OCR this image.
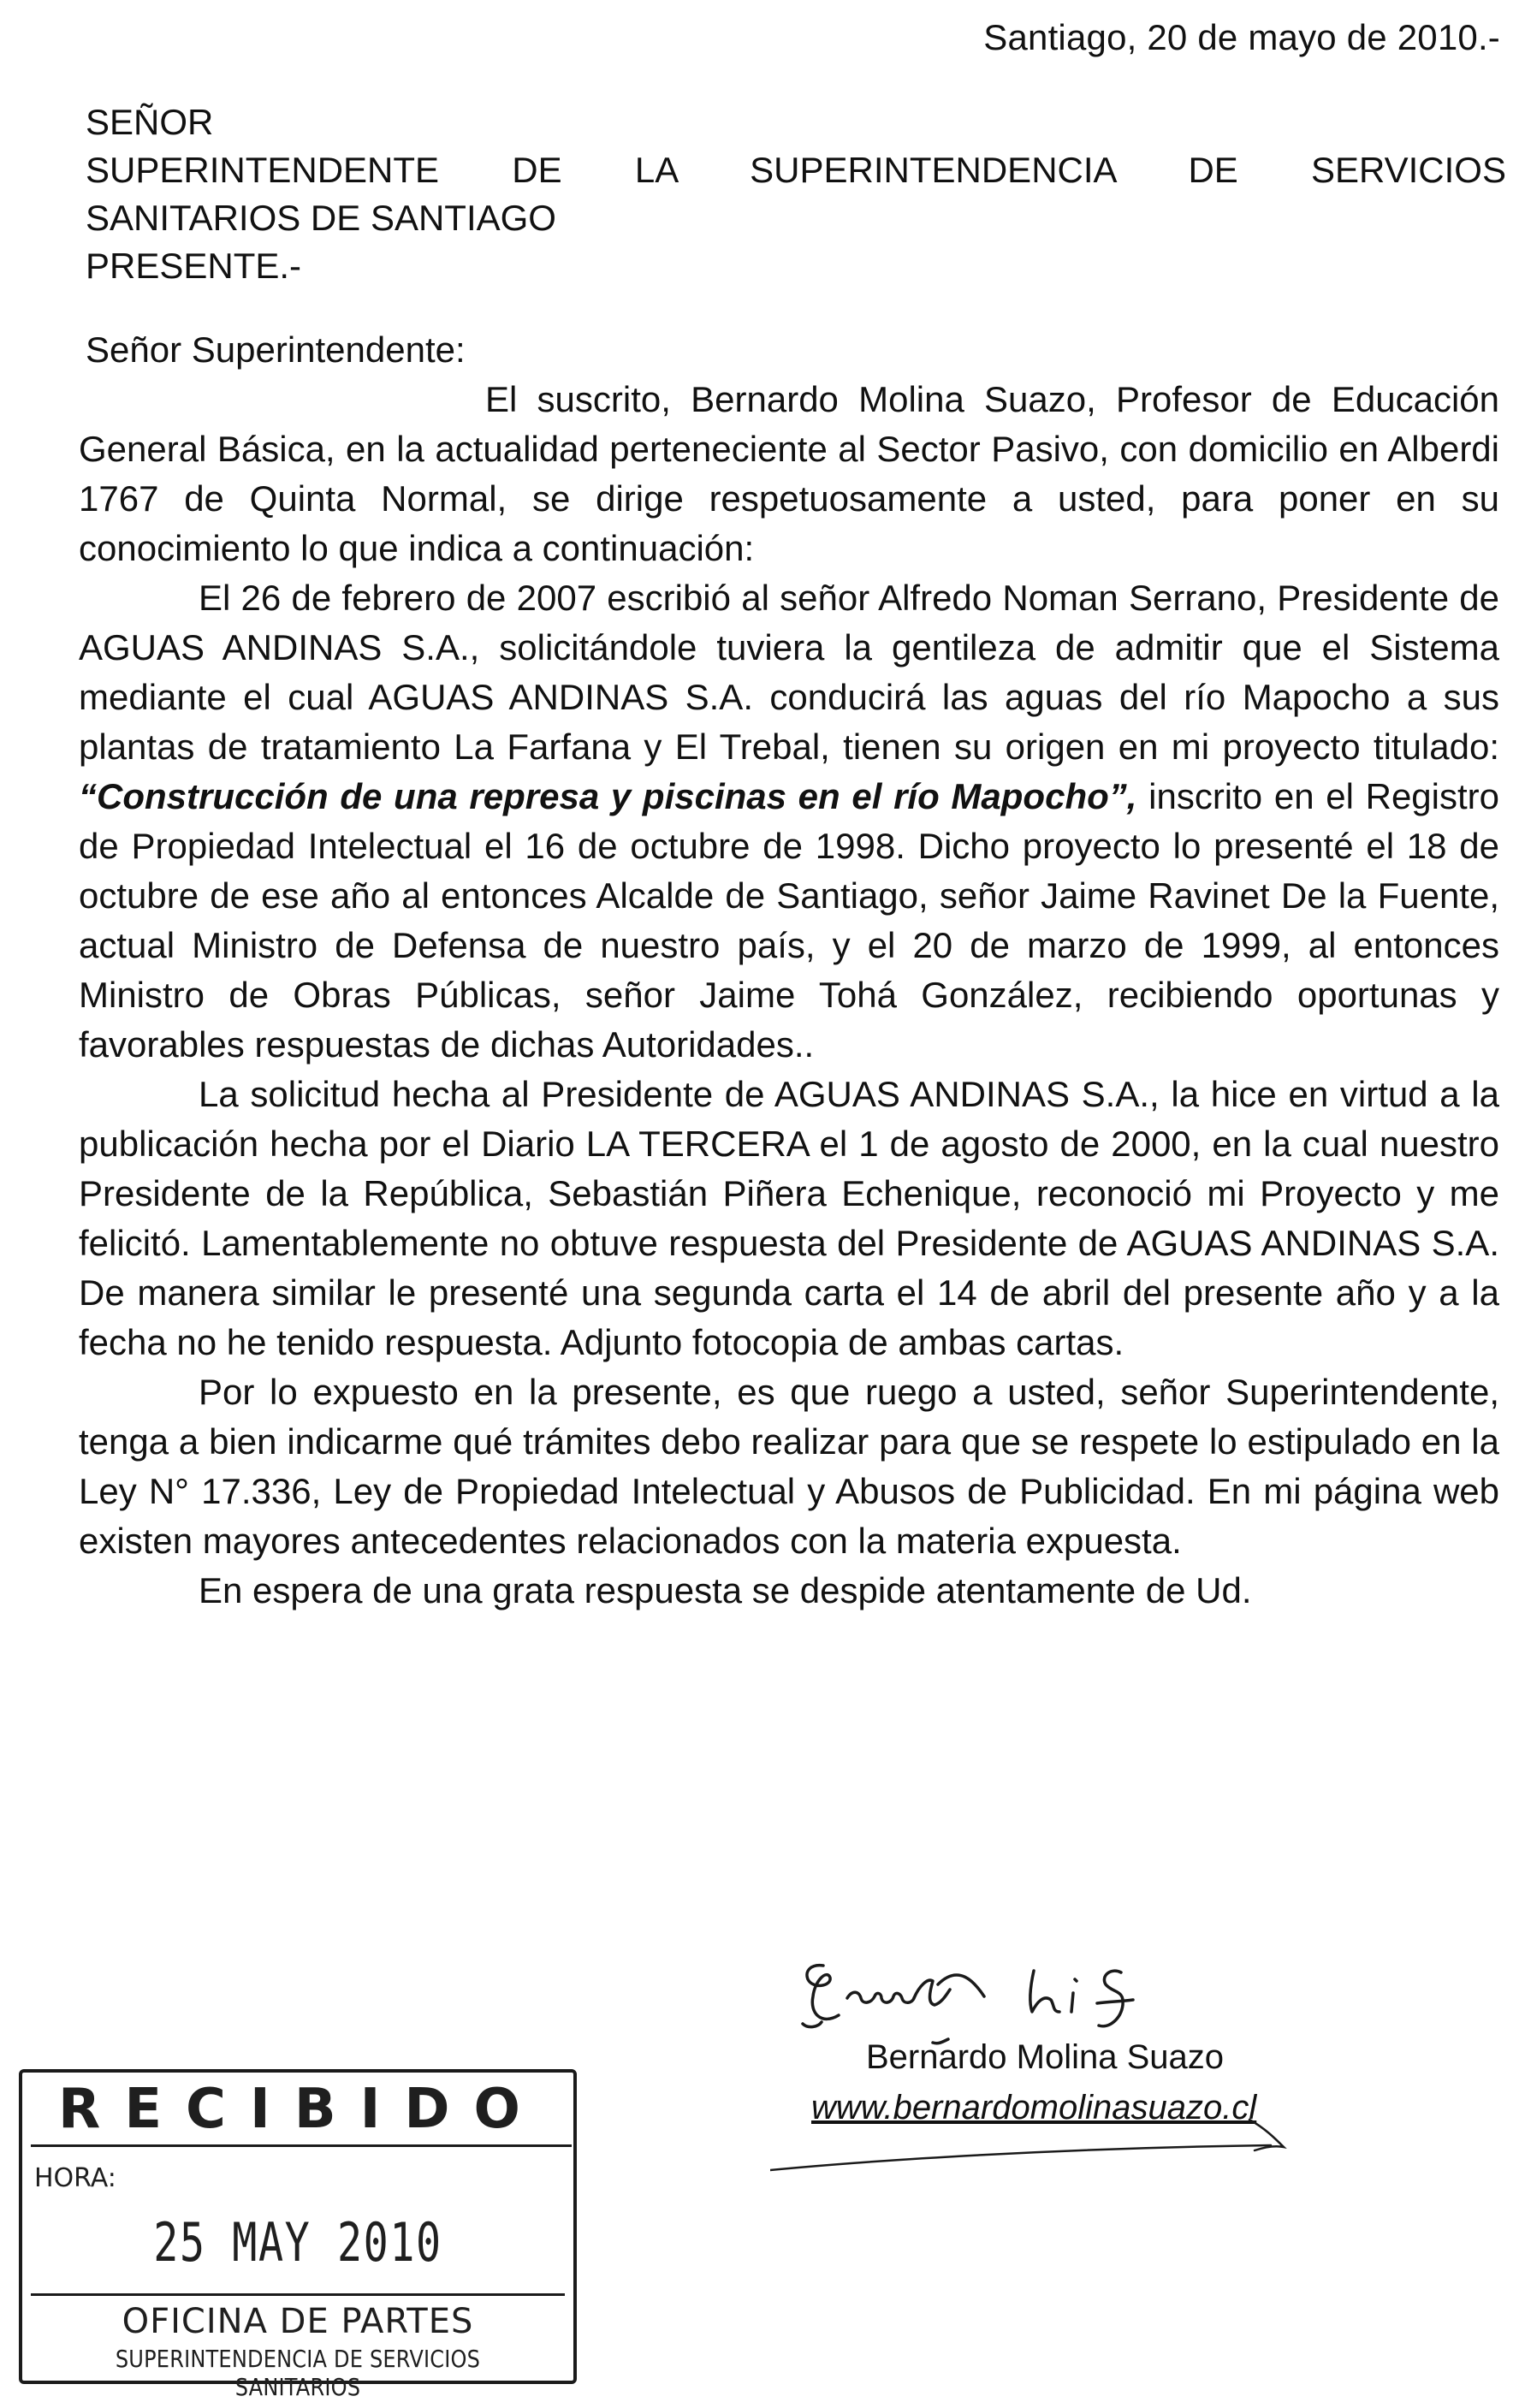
Santiago, 20 de mayo de 2010.-
SEÑOR
SUPERINTENDENTE DE LA SUPERINTENDENCIA DE SERVICIOS
SANITARIOS DE SANTIAGO
PRESENTE.-
Señor Superintendente:

El suscrito, Bernardo Molina Suazo, Profesor de Educación General Básica, en la actualidad perteneciente al Sector Pasivo, con domicilio en Alberdi 1767 de Quinta Normal, se dirige respetuosamente a usted, para poner en su conocimiento lo que indica a continuación:

El 26 de febrero de 2007 escribió al señor Alfredo Noman Serrano, Presidente de AGUAS ANDINAS S.A., solicitándole tuviera la gentileza de admitir que el Sistema mediante el cual AGUAS ANDINAS S.A. conducirá las aguas del río Mapocho a sus plantas de tratamiento La Farfana y El Trebal, tienen su origen en mi proyecto titulado: “Construcción de una represa y piscinas en el río Mapocho”, inscrito en el Registro de Propiedad Intelectual el 16 de octubre de 1998. Dicho proyecto lo presenté el 18 de octubre de ese año al entonces Alcalde de Santiago, señor Jaime Ravinet De la Fuente, actual Ministro de Defensa de nuestro país, y el 20 de marzo de 1999, al entonces Ministro de Obras Públicas, señor Jaime Tohá González, recibiendo oportunas y favorables respuestas de dichas Autoridades..

La solicitud hecha al Presidente de AGUAS ANDINAS S.A., la hice en virtud a la publicación hecha por el Diario LA TERCERA el 1 de agosto de 2000, en la cual nuestro Presidente de la República, Sebastián Piñera Echenique, reconoció mi Proyecto y me felicitó. Lamentablemente no obtuve respuesta del Presidente de AGUAS ANDINAS S.A. De manera similar le presenté una segunda carta el 14 de abril del presente año y a la fecha no he tenido respuesta. Adjunto fotocopia de ambas cartas.

Por lo expuesto en la presente, es que ruego a usted, señor Superintendente, tenga a bien indicarme qué trámites debo realizar para que se respete lo estipulado en la Ley N° 17.336, Ley de Propiedad Intelectual y Abusos de Publicidad. En mi página web existen mayores antecedentes relacionados con la materia expuesta.

En espera de una grata respuesta se despide atentamente de Ud.

Bernardo Molina Suazo
www.bernardomolinasuazo.cl
RECIBIDO
HORA:
25 MAY 2010
OFICINA DE PARTES
SUPERINTENDENCIA DE SERVICIOS SANITARIOS
